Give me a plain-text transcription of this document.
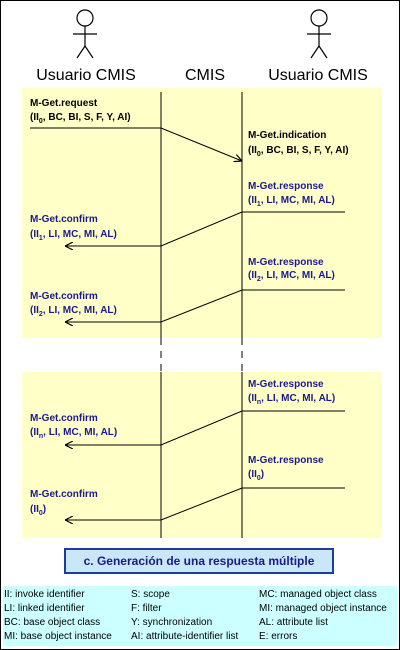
Usuario CMIS	CMIS	Usuario CMIS
M-Get.request
($II_0$, BC, BI, S, F, Y, AI)
M-Get.indication
($II_0$, BC, BI, S, F, Y, AI)
M-Get.response
($II_1$, LI, MC, MI, AL)
M-Get.confirm
($II_1$, LI, MC, MI, AL)
M-Get.response
($II_2$, LI, MC, MI, AL)
M-Get.confirm
($II_2$, LI, MC, MI, AL)
M-Get.response
($II_n$, LI, MC, MI, AL)
M-Get.confirm
($II_n$, LI, MC, MI, AL)
M-Get.response
$(II_0)$
M-Get.confirm
$(II_0)$
c. Generación de una respuesta múltiple
II: invoke identifier	S: scope	MC: managed object class
LI: linked identifier	F: filter	MI: managed object instance
BC: base object class	Y: synchronization	AL: attribute list
MI: base object instance AI: attribute-identifier list E: errors
